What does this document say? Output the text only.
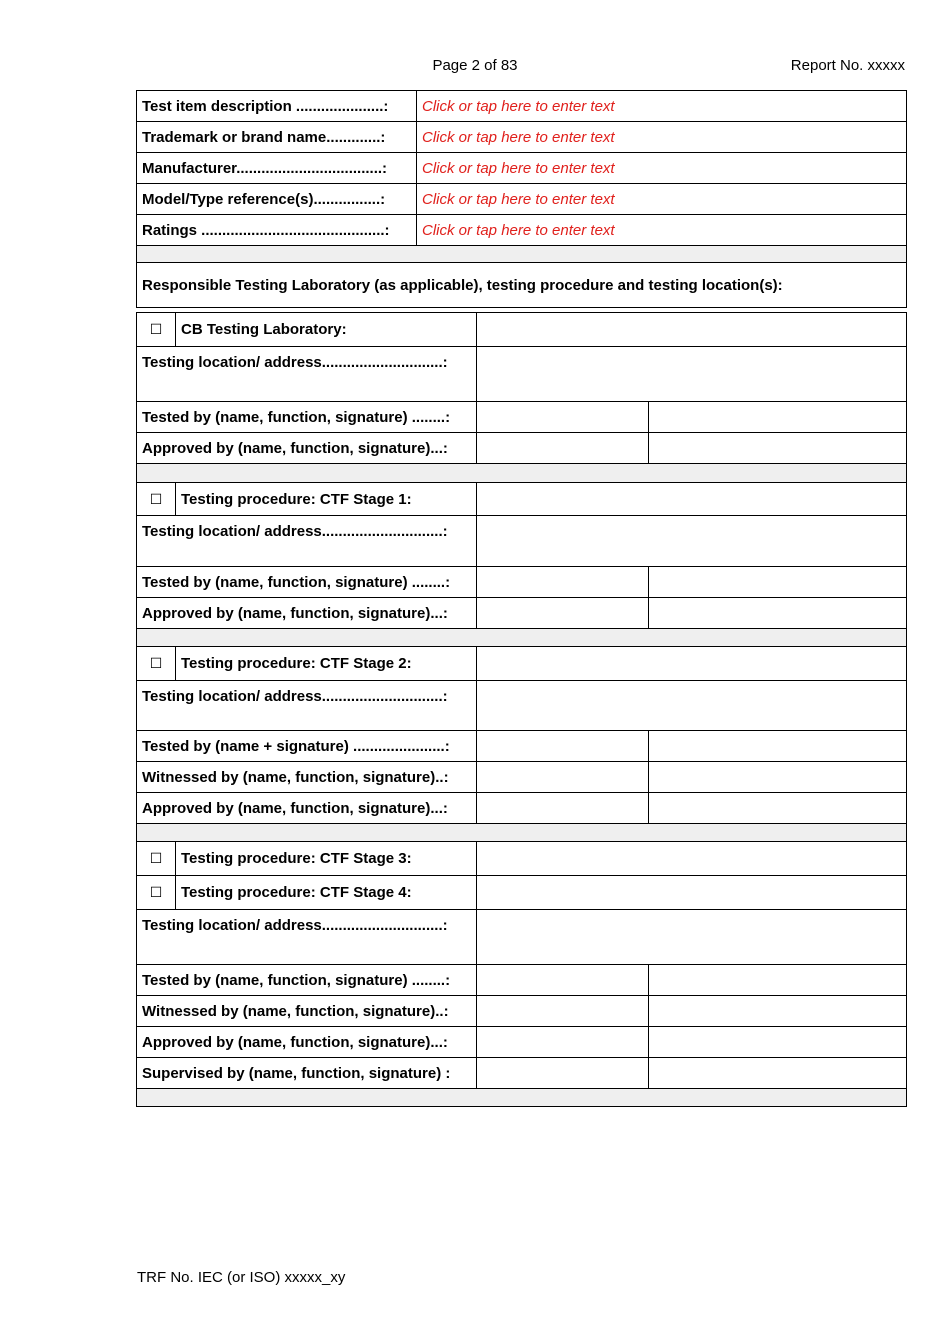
Page 2 of 83	Report No. xxxxx
Test item description .....................:	Click or tap here to enter text
Trademark or brand name.............:	Click or tap here to enter text
Manufacturer...................................:	Click or tap here to enter text
Model/Type reference(s)................:	Click or tap here to enter text
Ratings ............................................:	Click or tap here to enter text

Responsible Testing Laboratory (as applicable), testing procedure and testing location(s):	
☐	CB Testing Laboratory:		
Testing location/ address.............................:			
Tested by (name, function, signature) ........:			
Approved by (name, function, signature)...:			

☐	Testing procedure: CTF Stage 1:		
Testing location/ address.............................:			
Tested by (name, function, signature) ........:			
Approved by (name, function, signature)...:			

☐	Testing procedure: CTF Stage 2:		
Testing location/ address.............................:			
Tested by (name + signature) ......................:			
Witnessed by (name, function, signature)..:			
Approved by (name, function, signature)...:			

☐	Testing procedure: CTF Stage 3:		
☐	Testing procedure: CTF Stage 4:		
Testing location/ address.............................:			
Tested by (name, function, signature) ........:			
Witnessed by (name, function, signature)..:			
Approved by (name, function, signature)...:			
Supervised by (name, function, signature) :			

TRF No. IEC (or ISO) xxxxx_xy
